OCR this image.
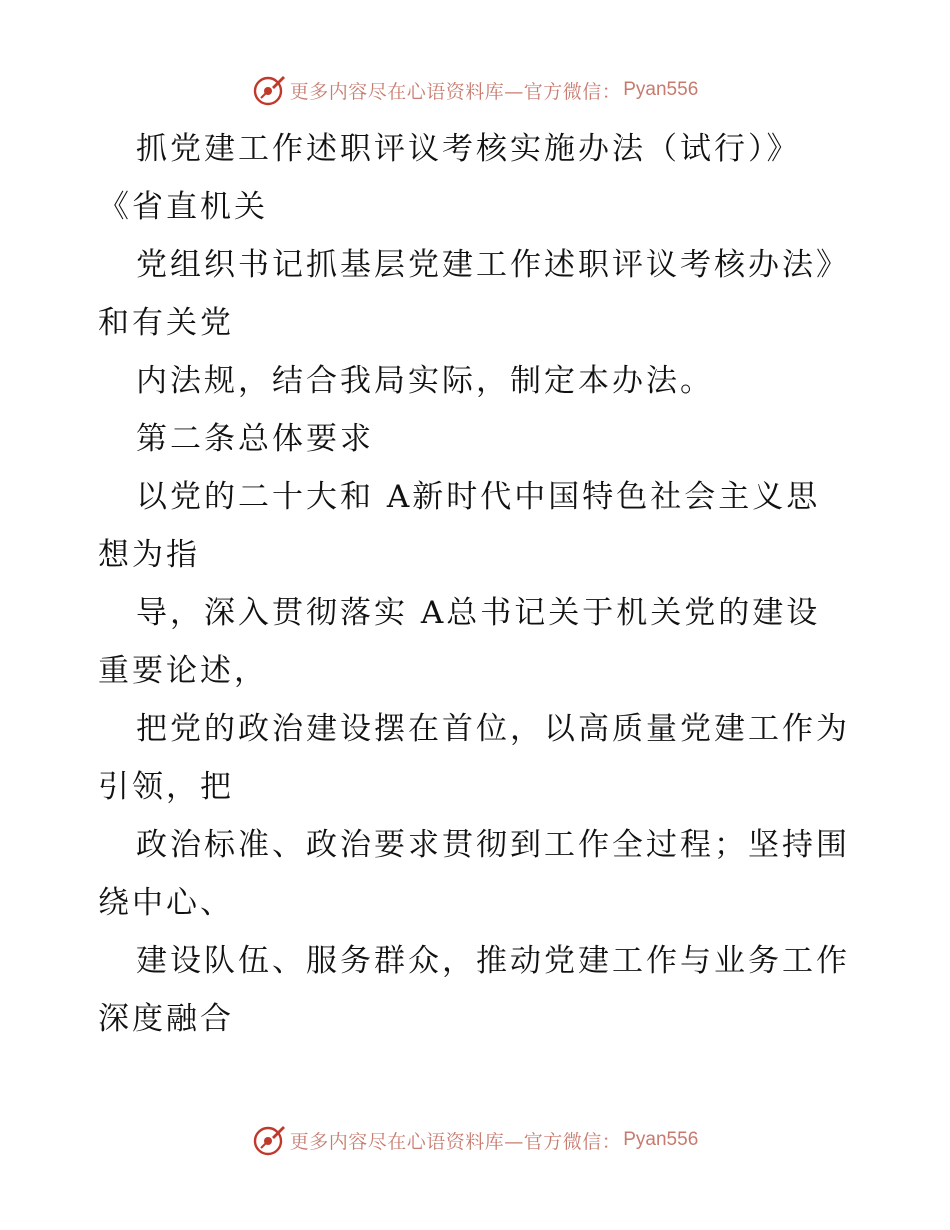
更多内容尽在心语资料库—官方微信： Pyan556
抓党建工作述职评议考核实施办法（试行）》
《省直机关
党组织书记抓基层党建工作述职评议考核办法》
和有关党
内法规，结合我局实际，制定本办法。
第二条总体要求
以党的二十大和 A新时代中国特色社会主义思
想为指
导，深入贯彻落实 A总书记关于机关党的建设
重要论述，
把党的政治建设摆在首位，以高质量党建工作为
引领，把
政治标准、政治要求贯彻到工作全过程；坚持围
绕中心、
建设队伍、服务群众，推动党建工作与业务工作
深度融合
更多内容尽在心语资料库—官方微信： Pyan556
